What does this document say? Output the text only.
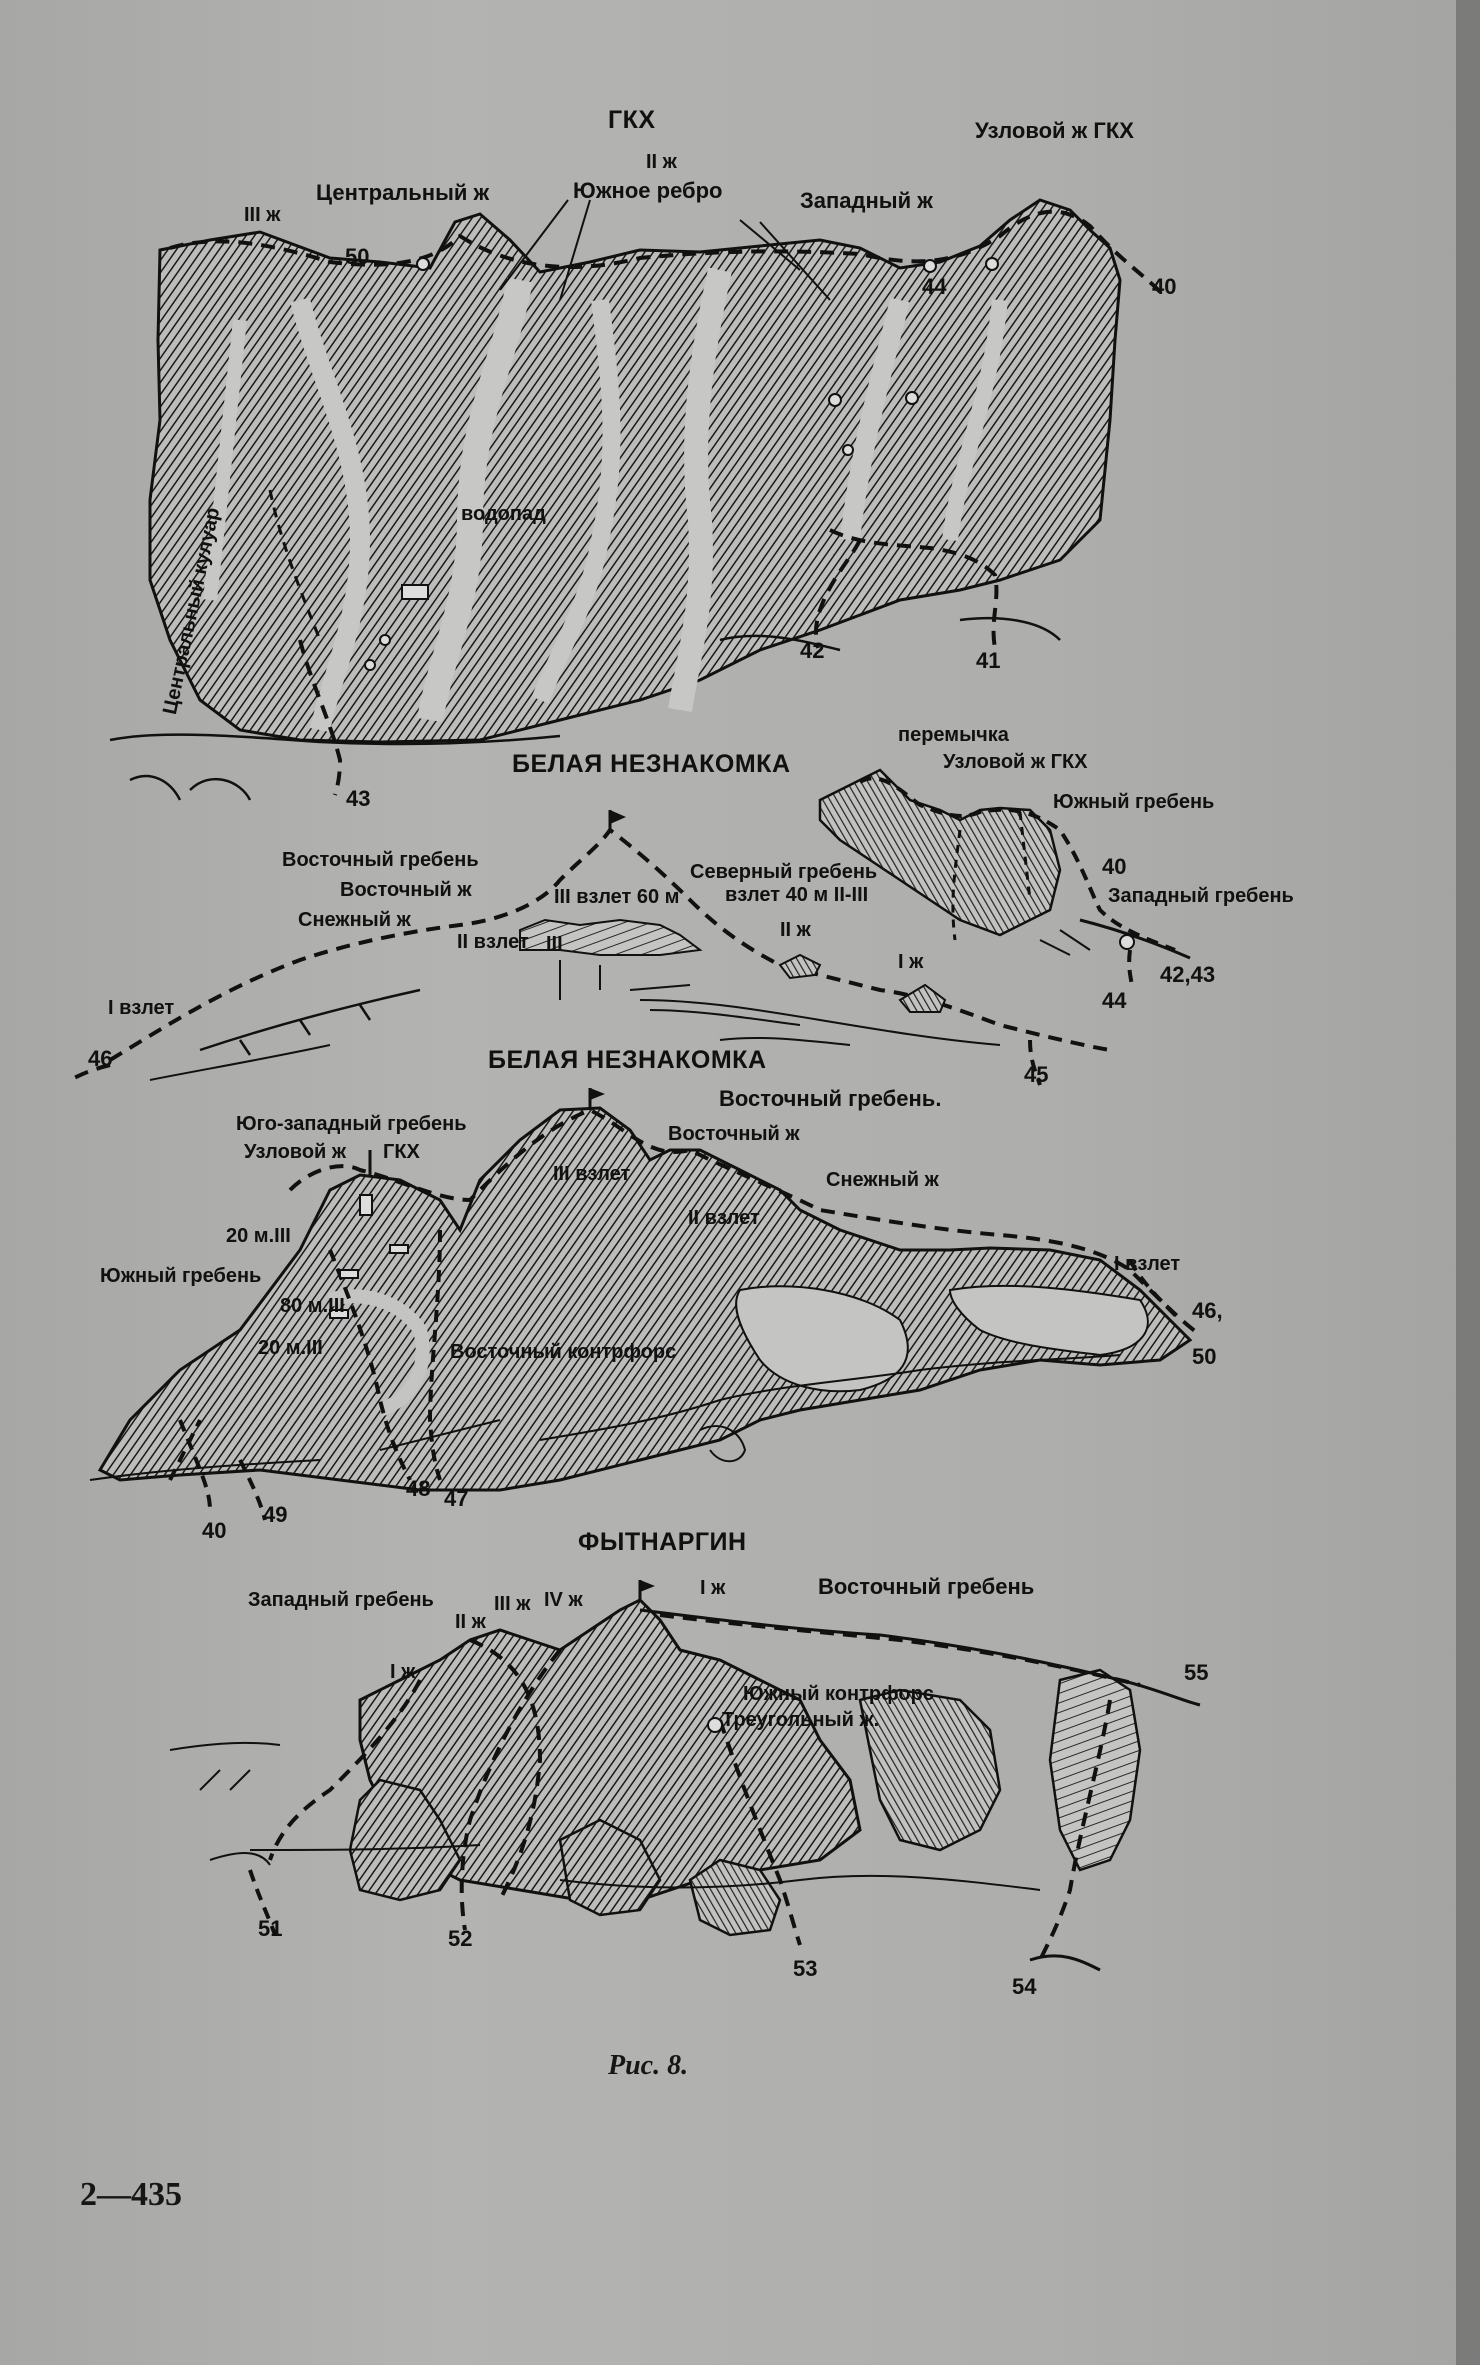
ГКХ	Узловой ж ГКХ
III ж
Центральный ж
II ж
Южное ребро	Западный ж
водопад
Центральный кулуар
50
44	40
42	41
43
перемычка
Узловой ж ГКХ
Южный гребень
Западный гребень
40
44
42,43
БЕЛАЯ НЕЗНАКОМКА
Восточный гребень
Восточный ж
Снежный ж
III взлет 60 м
Северный гребень
взлет 40 м II-III
II взлет III
II ж
I ж
I взлет
46
45
БЕЛАЯ НЕЗНАКОМКА
Восточный гребень.
Юго-западный гребень
Узловой ж ГКХ
Восточный ж
III взлет	Снежный ж
II взлет
20 м.III
Южный гребень
I взлет
80 м.III
20 м.III	Восточный контрфорс
46,
50
40
49
48 47
ФЫТНАРГИН
Западный гребень
II ж
III ж IV ж
I ж	Восточный гребень
I ж
Южный контрфорс
Треугольный ж.
55
51	52
53
54
Рис. 8.
2—435
